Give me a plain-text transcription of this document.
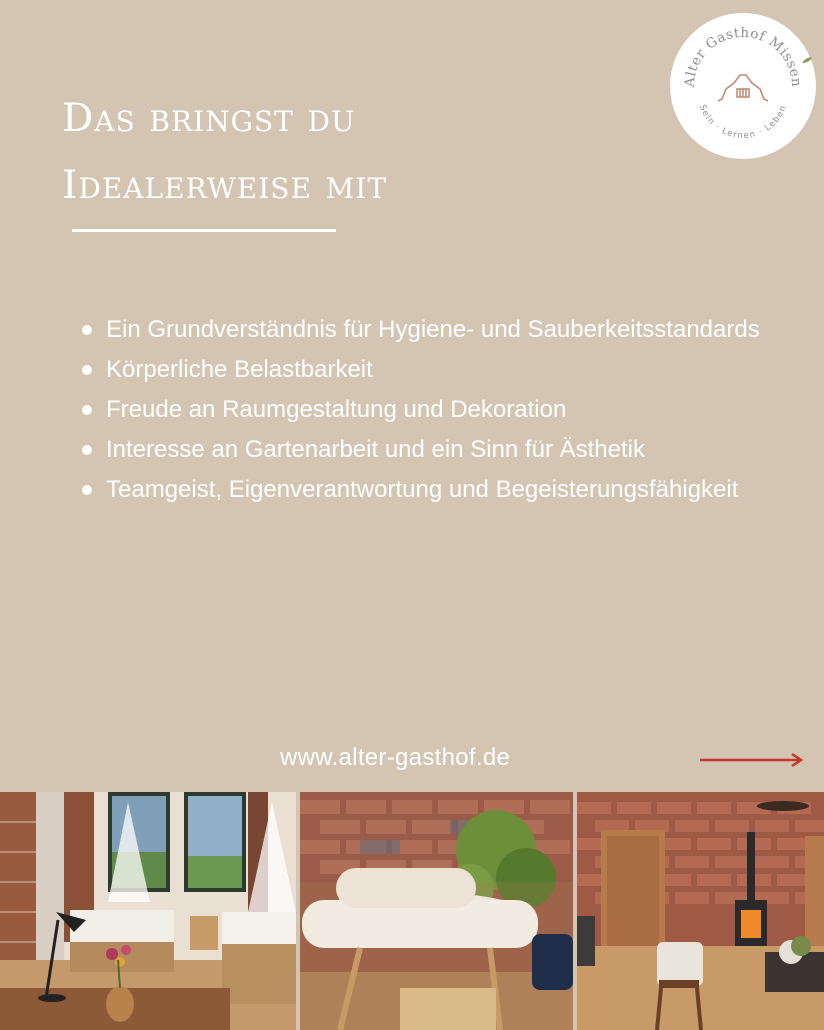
das bringst du
idealerweise mit
Alter Gasthof Missen
Sein · Lernen · Leben
Ein Grundverständnis für Hygiene- und Sauberkeitsstandards
Körperliche Belastbarkeit
Freude an Raumgestaltung und Dekoration
Interesse an Gartenarbeit und ein Sinn für Ästhetik
Teamgeist, Eigenverantwortung und Begeisterungsfähigkeit
www.alter-gasthof.de
